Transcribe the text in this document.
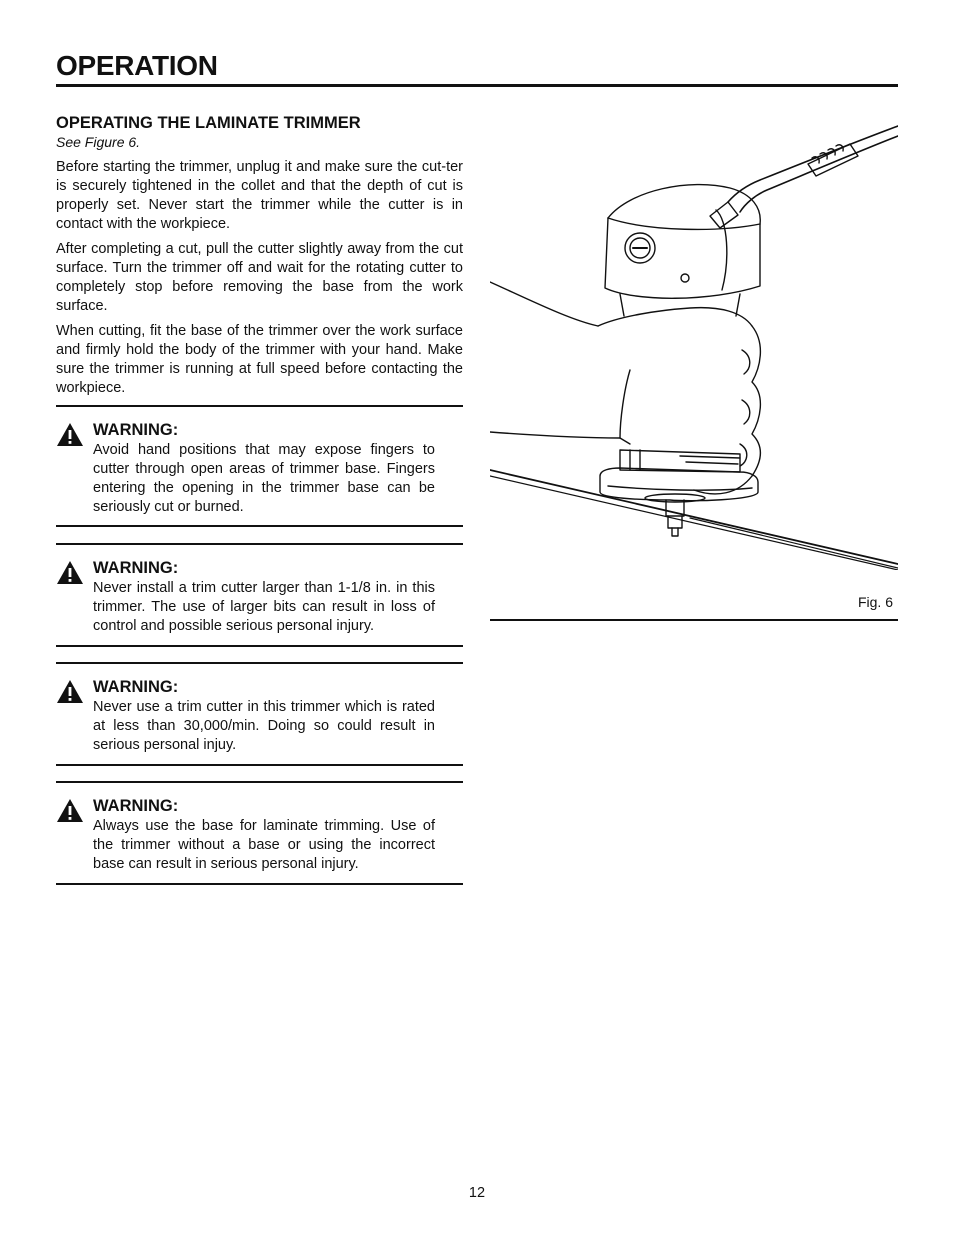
OPERATION
OPERATING THE LAMINATE TRIMMER

See Figure 6.

Before starting the trimmer, unplug it and make sure the cut-ter is securely tightened in the collet and that the depth of cut is properly set. Never start the trimmer while the cutter is in contact with the workpiece.

After completing a cut, pull the cutter slightly away from the cut surface. Turn the trimmer off and wait for the rotating cutter to completely stop before removing the base from the work surface.

When cutting, fit the base of the trimmer over the work surface and firmly hold the body of the trimmer with your hand. Make sure the trimmer is running at full speed before contacting the workpiece.

WARNING:
Avoid hand positions that may expose fingers to cutter through open areas of trimmer base. Fingers entering the opening in the trimmer base can be seriously cut or burned.
WARNING:
Never install a trim cutter larger than 1-1/8 in. in this trimmer. The use of larger bits can result in loss of control and possible serious personal injury.
WARNING:
Never use a trim cutter in this trimmer which is rated at less than 30,000/min. Doing so could result in serious personal injuy.
WARNING:
Always use the base for laminate trimming. Use of the trimmer without a base or using the incorrect base can result in serious personal injury.
Fig. 6
12
